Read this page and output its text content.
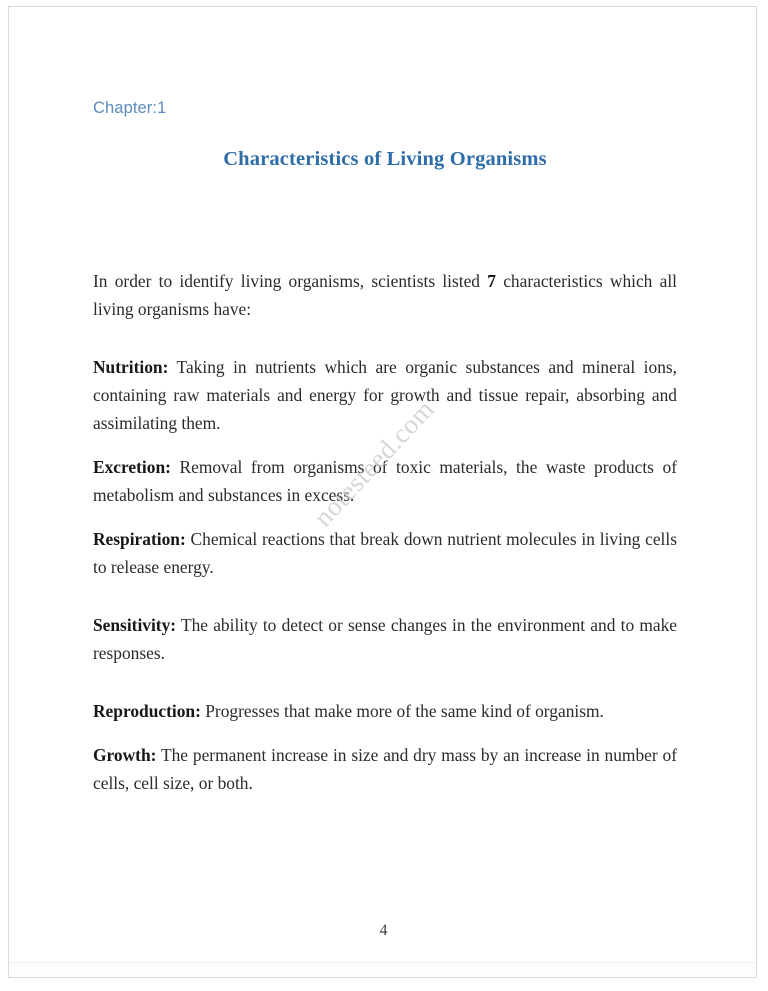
Chapter:1
Characteristics of Living Organisms

In order to identify living organisms, scientists listed 7 characteristics which all living organisms have:

Nutrition: Taking in nutrients which are organic substances and mineral ions, containing raw materials and energy for growth and tissue repair, absorbing and assimilating them.

Excretion: Removal from organisms of toxic materials, the waste products of metabolism and substances in excess.

Respiration: Chemical reactions that break down nutrient molecules in living cells to release energy.

Sensitivity: The ability to detect or sense changes in the environment and to make responses.

Reproduction: Progresses that make more of the same kind of organism.

Growth: The permanent increase in size and dry mass by an increase in number of cells, cell size, or both.

notesteed.com
4
